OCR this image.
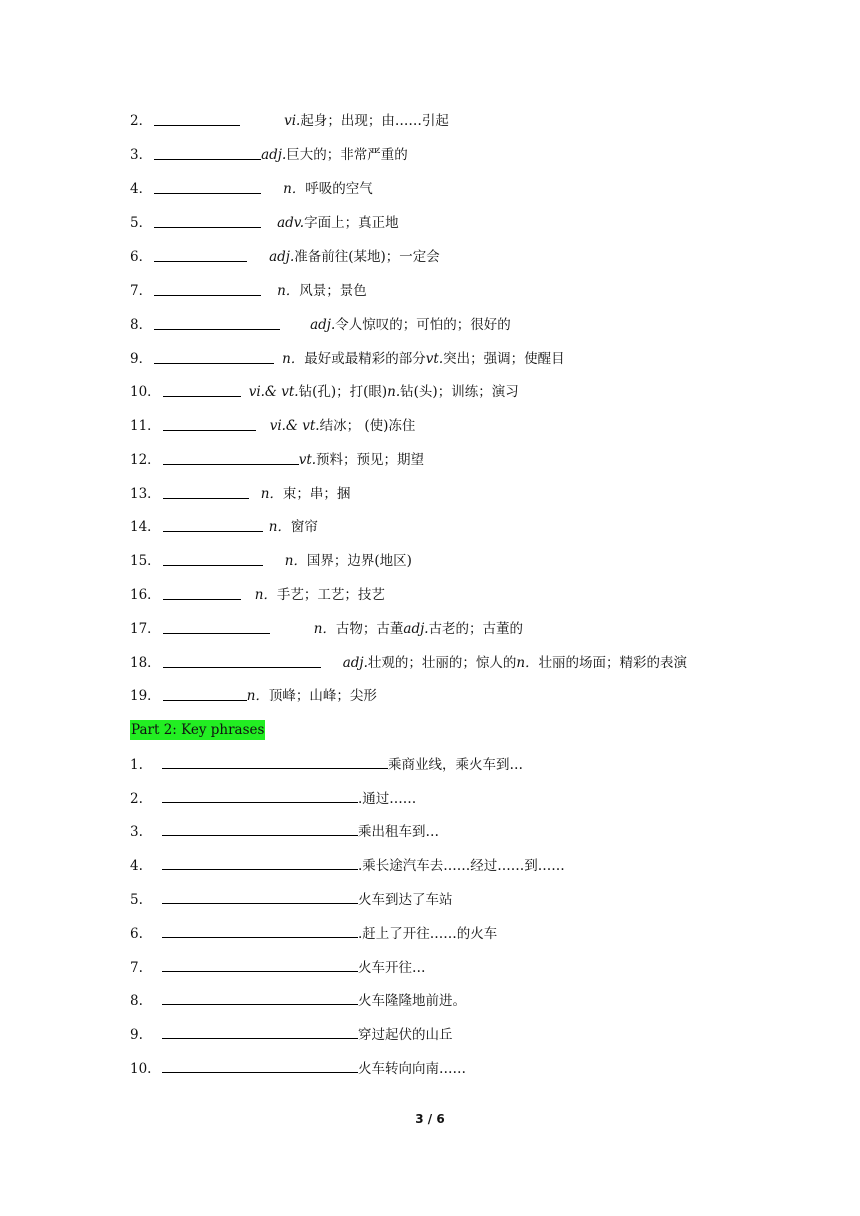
2．	vi.起身；出现；由……引起
3．	adj.巨大的；非常严重的
4．	n．呼吸的空气
5．	adv.字面上；真正地
6．	adj.准备前往(某地)；一定会
7．	n．风景；景色
8．	adj.令人惊叹的；可怕的；很好的
9．	n．最好或最精彩的部分vt.突出；强调；使醒目
10．	vi.& vt.钻(孔)；打(眼)n.钻(头)；训练；演习
11．	vi.& vt.结冰； (使)冻住
12．	vt.预料；预见；期望
13．	n．束；串；捆
14．	n．窗帘
15．	n．国界；边界(地区)
16．	n．手艺；工艺；技艺
17．	n．古物；古董adj.古老的；古董的
18．	adj.壮观的；壮丽的；惊人的n．壮丽的场面；精彩的表演
19．	n．顶峰；山峰；尖形
Part 2: Key phrases
1.	乘商业线，乘火车到…
2.	.通过……
3.	乘出租车到…
4.	.乘长途汽车去……经过……到……
5.	火车到达了车站
6.	.赶上了开往……的火车
7.	火车开往…
8.	火车隆隆地前进。
9.	穿过起伏的山丘
10.	火车转向向南……
3 / 6
